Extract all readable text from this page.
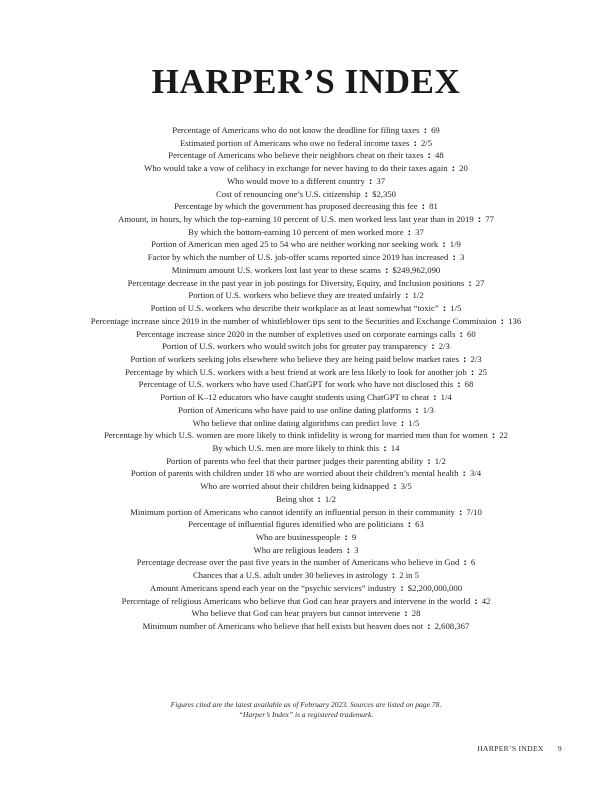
HARPER’S INDEX
Percentage of Americans who do not know the deadline for filing taxes : 69
Estimated portion of Americans who owe no federal income taxes : 2/5
Percentage of Americans who believe their neighbors cheat on their taxes : 48
Who would take a vow of celibacy in exchange for never having to do their taxes again : 20
Who would move to a different country : 37
Cost of renouncing one’s U.S. citizenship : $2,350
Percentage by which the government has proposed decreasing this fee : 81
Amount, in hours, by which the top-earning 10 percent of U.S. men worked less last year than in 2019 : 77
By which the bottom-earning 10 percent of men worked more : 37
Portion of American men aged 25 to 54 who are neither working nor seeking work : 1/9
Factor by which the number of U.S. job-offer scams reported since 2019 has increased : 3
Minimum amount U.S. workers lost last year to these scams : $249,962,090
Percentage decrease in the past year in job postings for Diversity, Equity, and Inclusion positions : 27
Portion of U.S. workers who believe they are treated unfairly : 1/2
Portion of U.S. workers who describe their workplace as at least somewhat “toxic” : 1/5
Percentage increase since 2019 in the number of whistleblower tips sent to the Securities and Exchange Commission : 136
Percentage increase since 2020 in the number of expletives used on corporate earnings calls : 60
Portion of U.S. workers who would switch jobs for greater pay transparency : 2/3
Portion of workers seeking jobs elsewhere who believe they are being paid below market rates : 2/3
Percentage by which U.S. workers with a best friend at work are less likely to look for another job : 25
Percentage of U.S. workers who have used ChatGPT for work who have not disclosed this : 68
Portion of K–12 educators who have caught students using ChatGPT to cheat : 1/4
Portion of Americans who have paid to use online dating platforms : 1/3
Who believe that online dating algorithms can predict love : 1/5
Percentage by which U.S. women are more likely to think infidelity is wrong for married men than for women : 22
By which U.S. men are more likely to think this : 14
Portion of parents who feel that their partner judges their parenting ability : 1/2
Portion of parents with children under 18 who are worried about their children’s mental health : 3/4
Who are worried about their children being kidnapped : 3/5
Being shot : 1/2
Minimum portion of Americans who cannot identify an influential person in their community : 7/10
Percentage of influential figures identified who are politicians : 63
Who are businesspeople : 9
Who are religious leaders : 3
Percentage decrease over the past five years in the number of Americans who believe in God : 6
Chances that a U.S. adult under 30 believes in astrology : 2 in 5
Amount Americans spend each year on the “psychic services” industry : $2,200,000,000
Percentage of religious Americans who believe that God can hear prayers and intervene in the world : 42
Who believe that God can hear prayers but cannot intervene : 28
Minimum number of Americans who believe that hell exists but heaven does not : 2,608,367
Figures cited are the latest available as of February 2023. Sources are listed on page 78.
“Harper’s Index” is a registered trademark.
HARPER’S INDEX 9
